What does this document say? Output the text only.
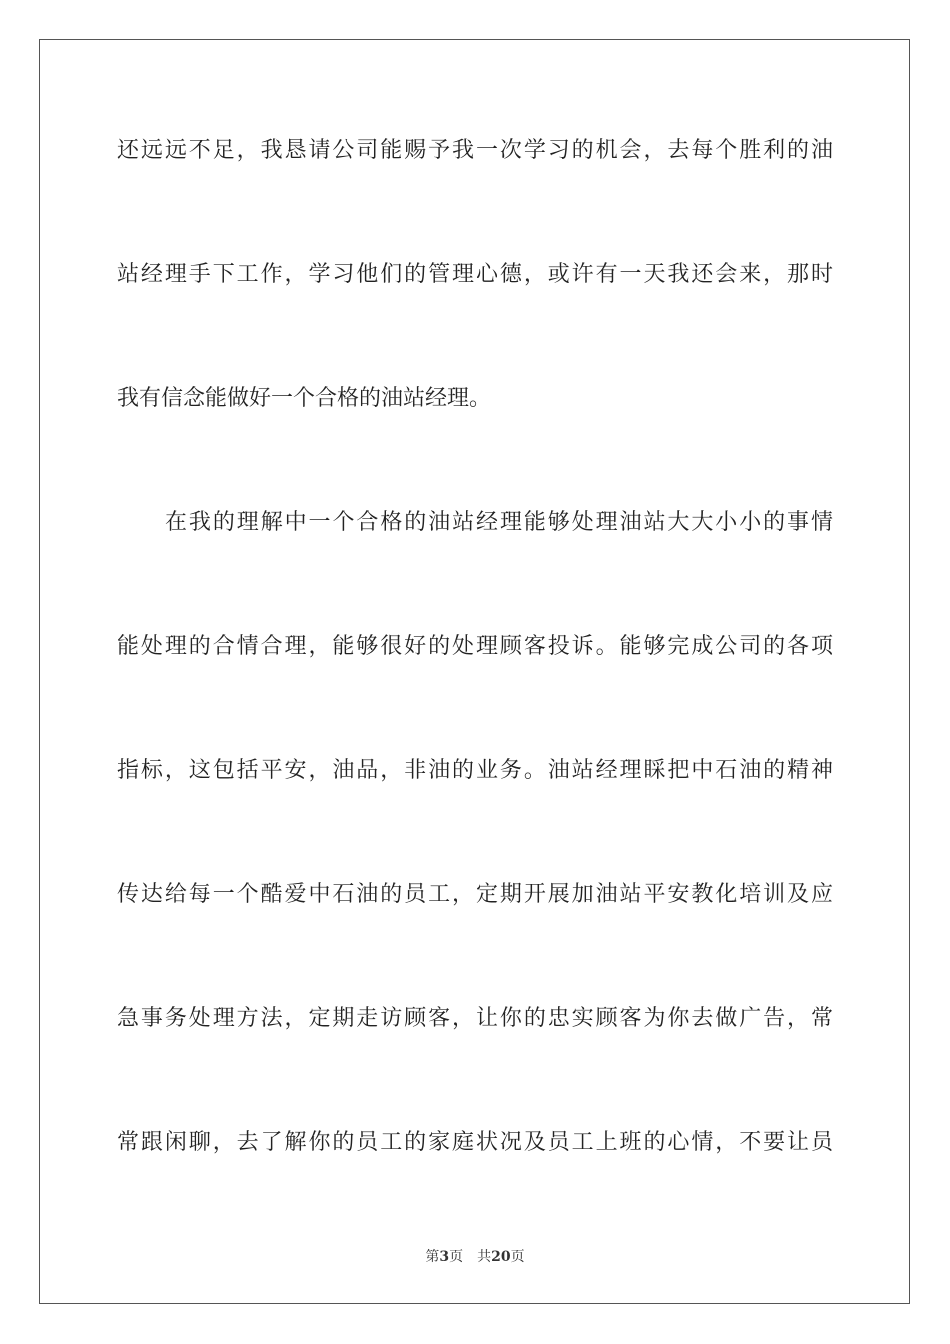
还远远不足，我恳请公司能赐予我一次学习的机会，去每个胜利的油
站经理手下工作，学习他们的管理心德，或许有一天我还会来，那时
我有信念能做好一个合格的油站经理。
在我的理解中一个合格的油站经理能够处理油站大大小小的事情
能处理的合情合理，能够很好的处理顾客投诉。能够完成公司的各项
指标，这包括平安，油品，非油的业务。油站经理睬把中石油的精神
传达给每一个酷爱中石油的员工，定期开展加油站平安教化培训及应
急事务处理方法，定期走访顾客，让你的忠实顾客为你去做广告，常
常跟闲聊，去了解你的员工的家庭状况及员工上班的心情，不要让员
第3页 共20页
